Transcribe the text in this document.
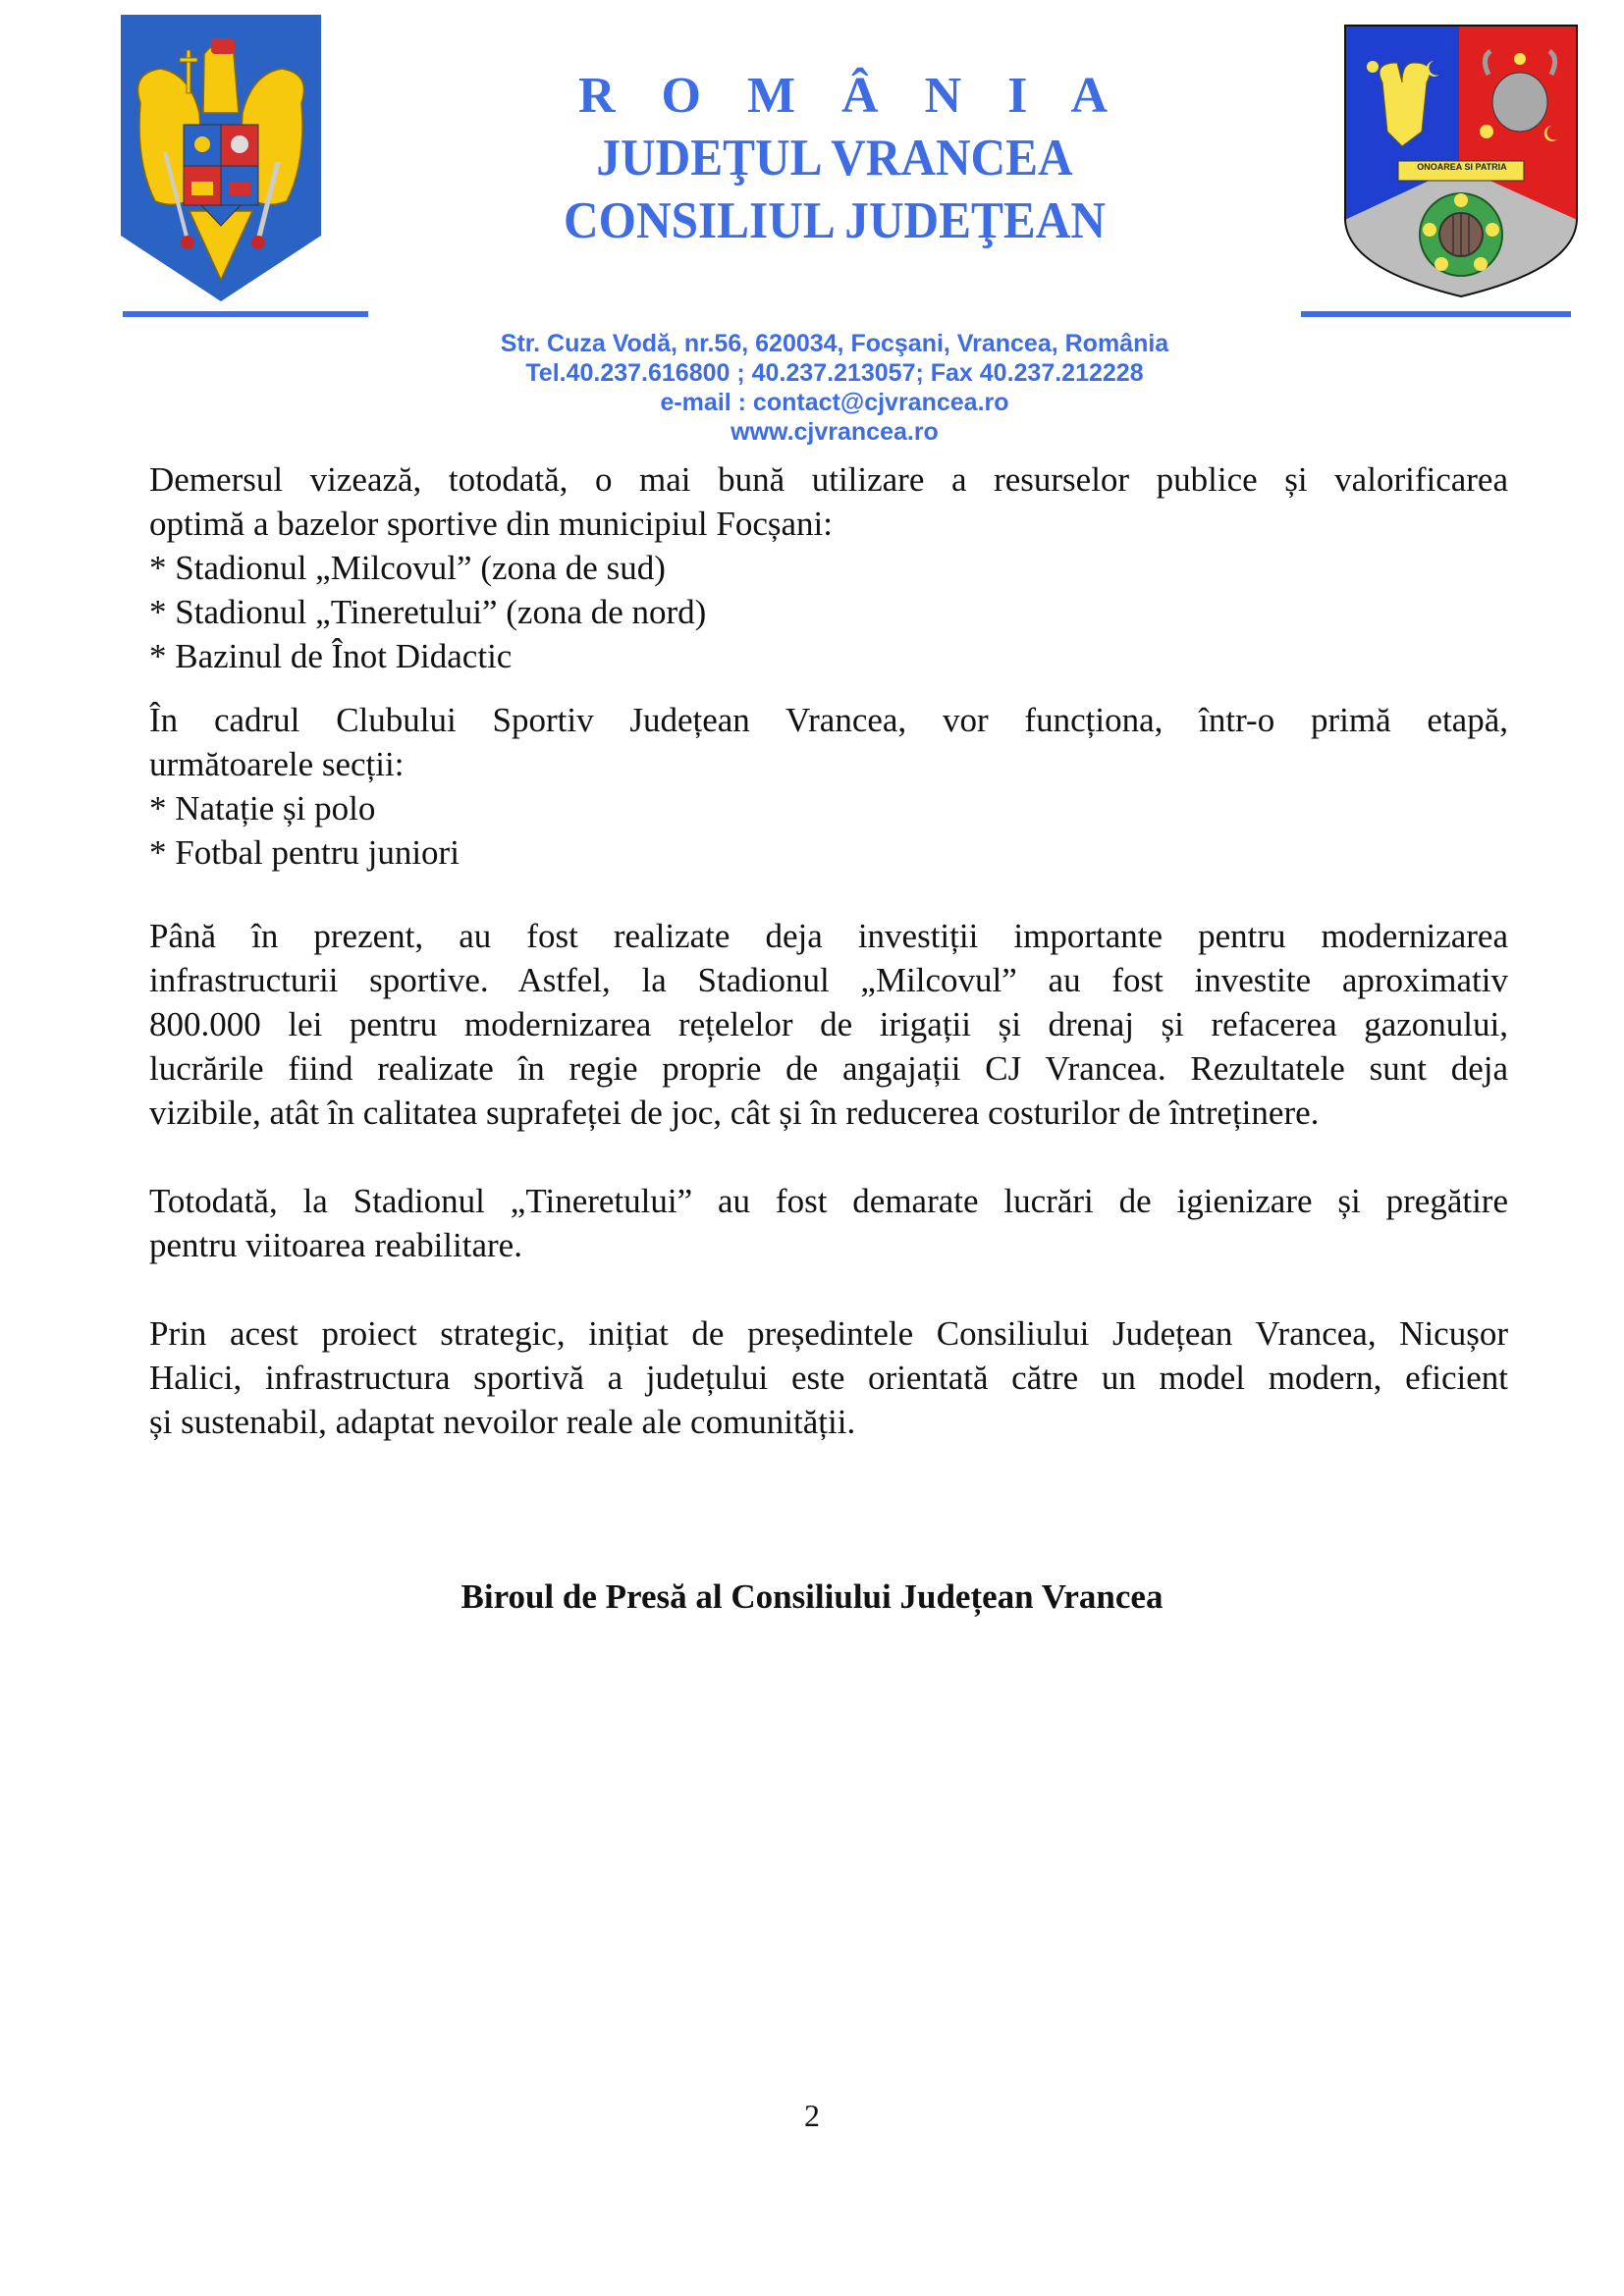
ONOAREA SI PATRIA
R O M Â N I A
JUDEŢUL VRANCEA
CONSILIUL JUDEŢEAN
Str. Cuza Vodă, nr.56, 620034, Focşani, Vrancea, România
Tel.40.237.616800 ; 40.237.213057; Fax 40.237.212228
e-mail : contact@cjvrancea.ro
www.cjvrancea.ro

Demersul vizează, totodată, o mai bună utilizare a resurselor publice și valorificarea

optimă a bazelor sportive din municipiul Focșani:

* Stadionul „Milcovul” (zona de sud)

* Stadionul „Tineretului” (zona de nord)

* Bazinul de Înot Didactic

În cadrul Clubului Sportiv Județean Vrancea, vor funcționa, într-o primă etapă,

următoarele secții:

* Natație și polo

* Fotbal pentru juniori

Până în prezent, au fost realizate deja investiții importante pentru modernizarea

infrastructurii sportive. Astfel, la Stadionul „Milcovul” au fost investite aproximativ

800.000 lei pentru modernizarea rețelelor de irigații și drenaj și refacerea gazonului,

lucrările fiind realizate în regie proprie de angajații CJ Vrancea. Rezultatele sunt deja

vizibile, atât în calitatea suprafeței de joc, cât și în reducerea costurilor de întreținere.

Totodată, la Stadionul „Tineretului” au fost demarate lucrări de igienizare și pregătire

pentru viitoarea reabilitare.

Prin acest proiect strategic, inițiat de președintele Consiliului Județean Vrancea, Nicușor

Halici, infrastructura sportivă a județului este orientată către un model modern, eficient

și sustenabil, adaptat nevoilor reale ale comunității.

Biroul de Presă al Consiliului Județean Vrancea
2
